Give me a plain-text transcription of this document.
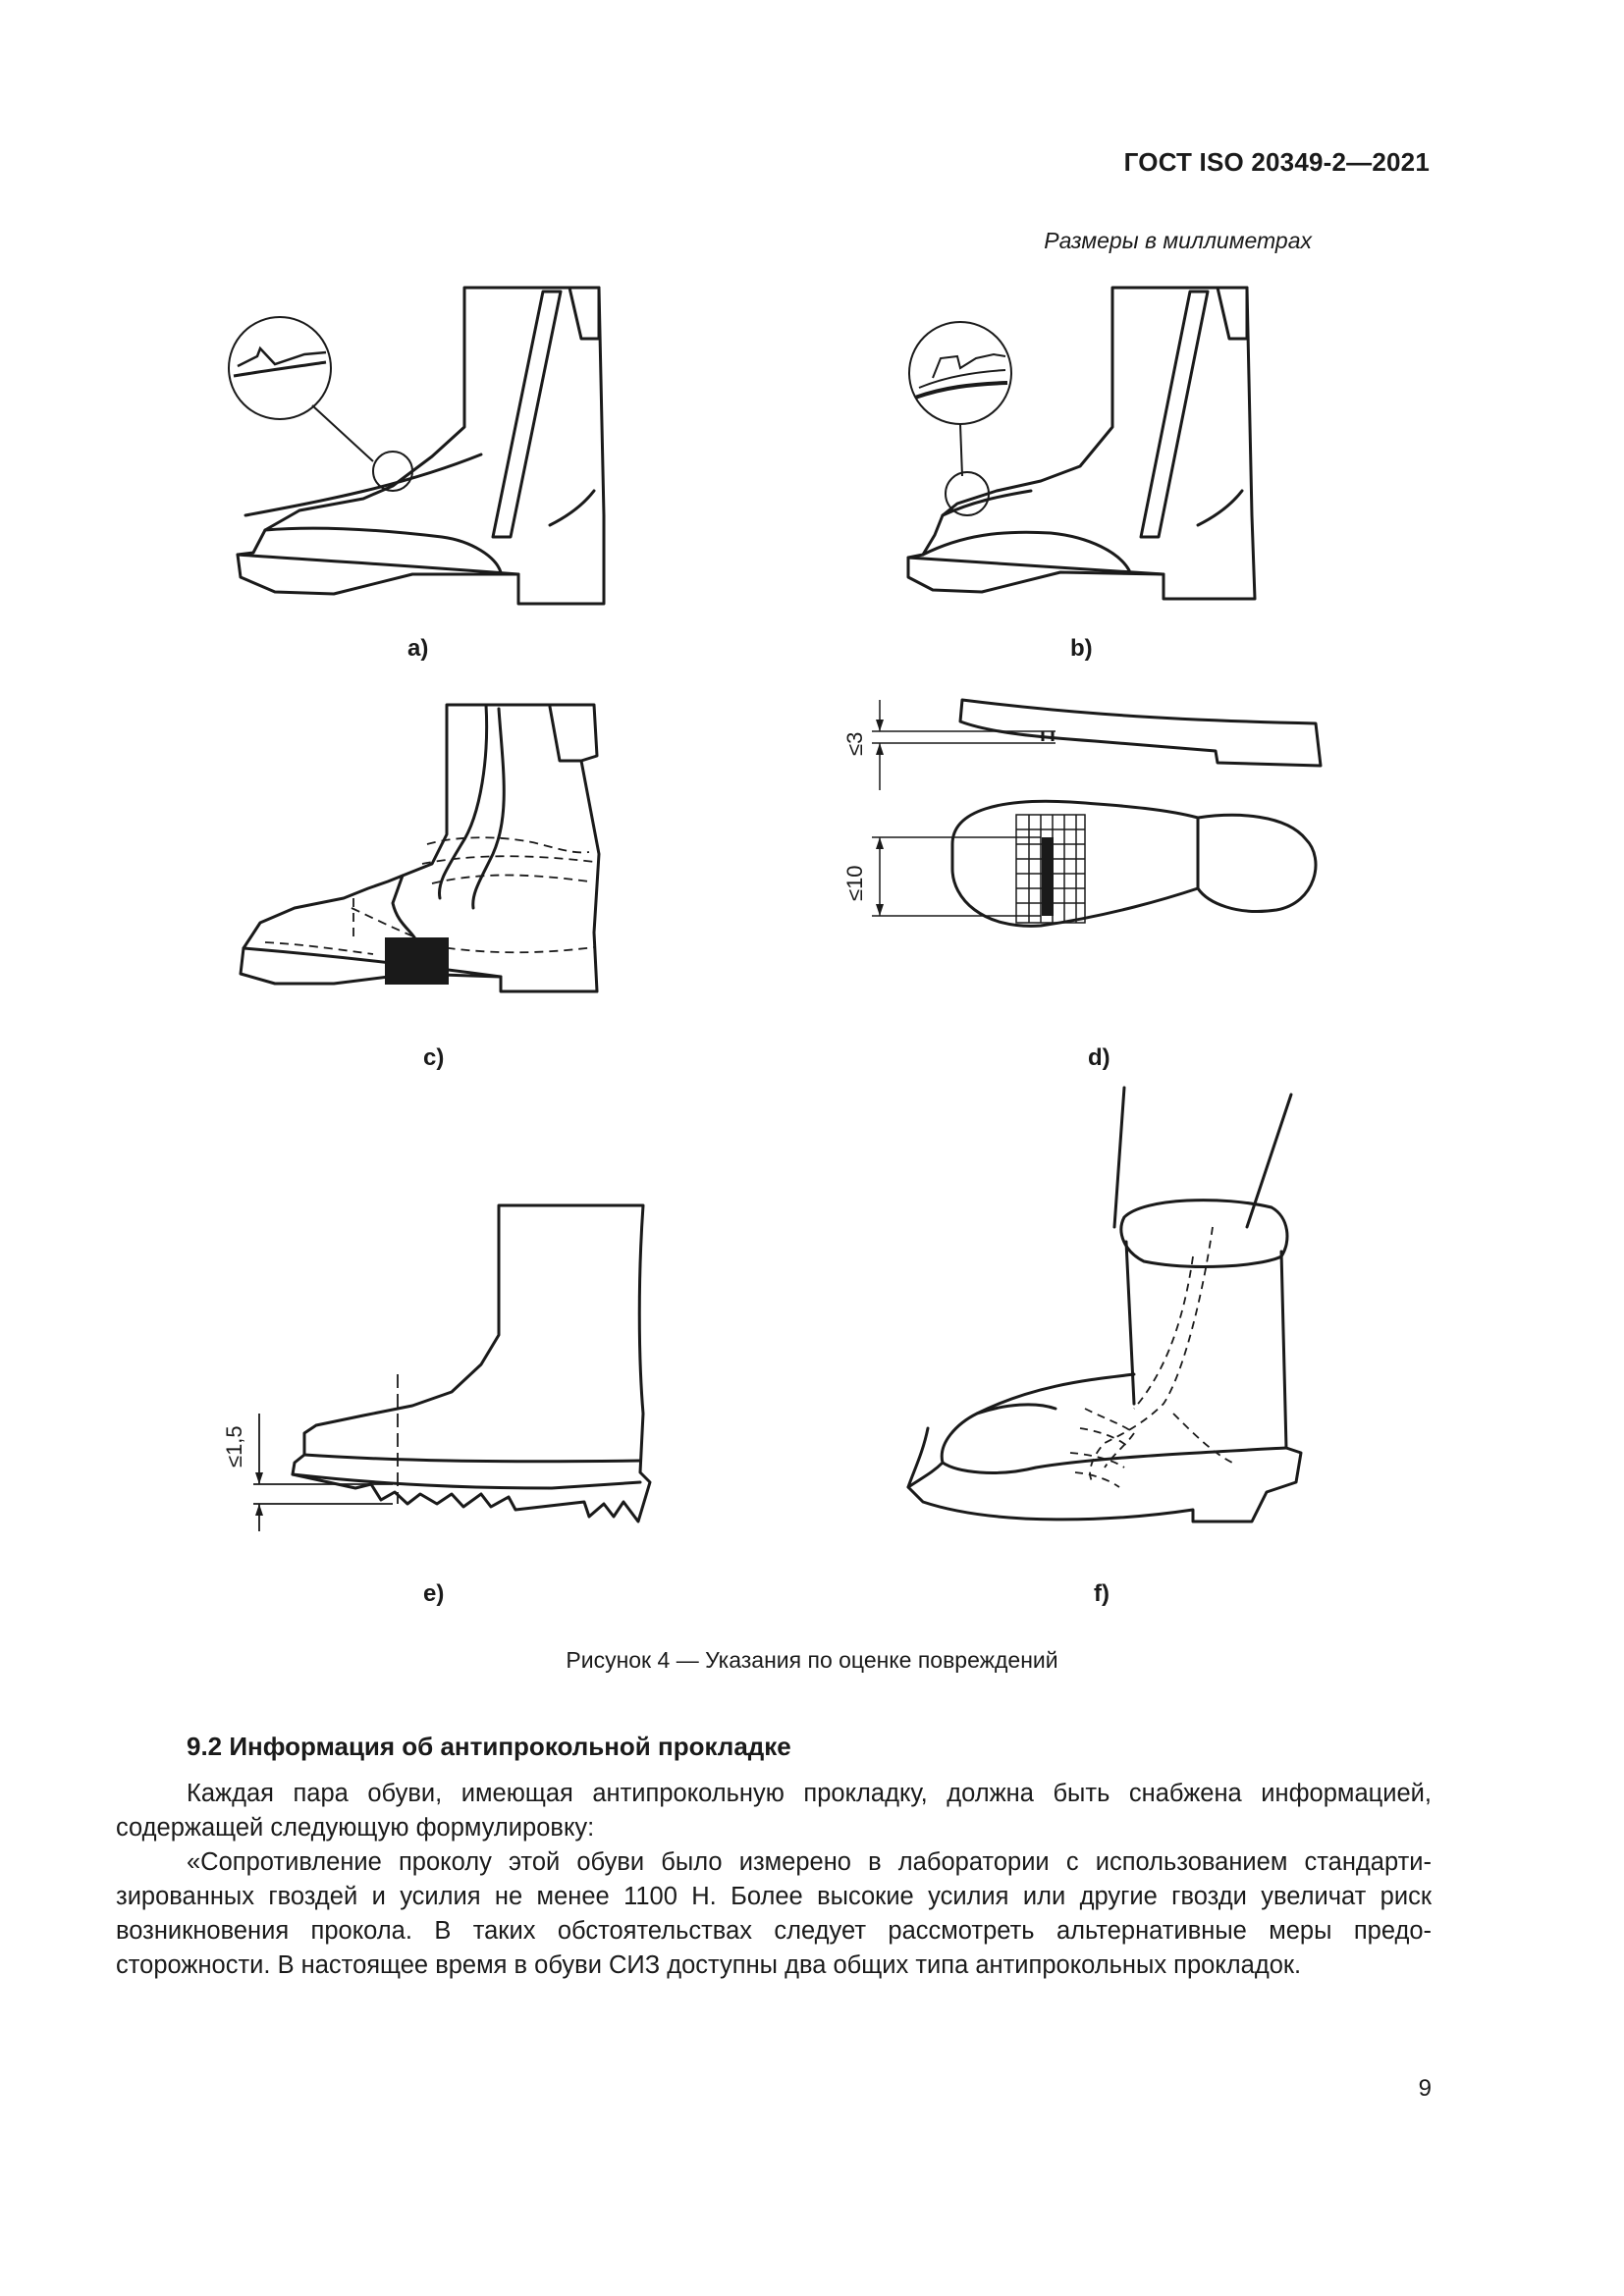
ГОСТ ISO 20349-2—2021
Размеры в миллиметрах
a)	b)
c)
≤3
≤10
d)
≤1,5
e)	f)
Рисунок 4 — Указания по оценке повреждений
9.2 Информация об антипрокольной прокладке

Каждая пара обуви, имеющая антипрокольную прокладку, должна быть снабжена информацией, содержащей следующую формулировку:

«Сопротивление проколу этой обуви было измерено в лаборатории с использованием стандарти-зированных гвоздей и усилия не менее 1100 Н. Более высокие усилия или другие гвозди увеличат риск возникновения прокола. В таких обстоятельствах следует рассмотреть альтернативные меры предо-сторожности. В настоящее время в обуви СИЗ доступны два общих типа антипрокольных прокладок.

9
